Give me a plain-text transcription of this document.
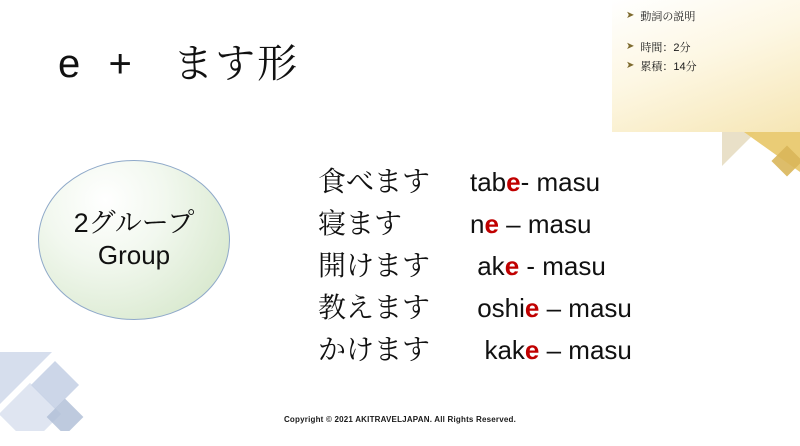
➤ 動詞の説明
➤ 時間：2分
➤ 累積：14分
e  +   ます形
2グループ
Group
食べます	tabe- masu
寝ます	ne – masu
開けます	ake - masu
教えます	oshie – masu
かけます	kake – masu
Copyright © 2021 AKITRAVELJAPAN. All Rights Reserved.
